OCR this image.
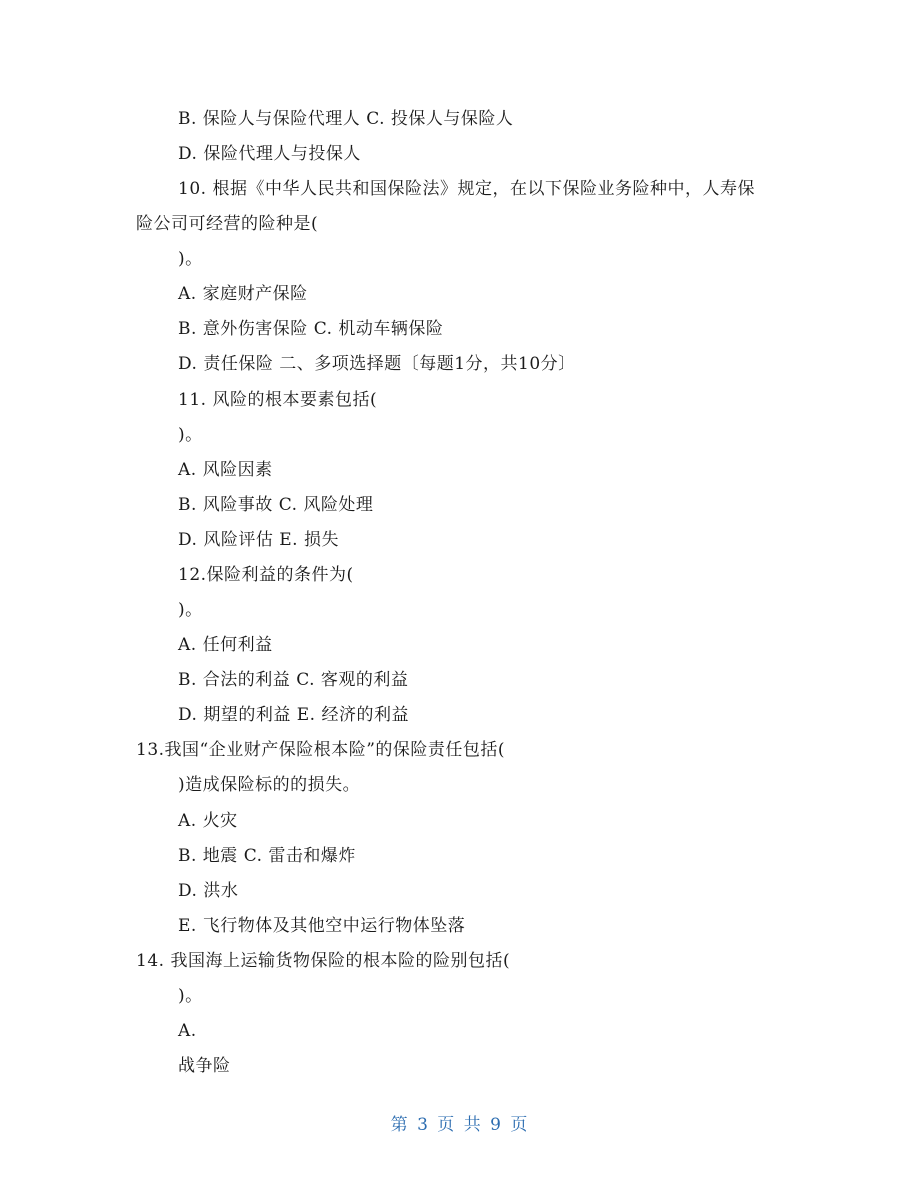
B. 保险人与保险代理人 C. 投保人与保险人
D. 保险代理人与投保人
10. 根据《中华人民共和国保险法》规定，在以下保险业务险种中，人寿保
险公司可经营的险种是(
)。
A. 家庭财产保险
B. 意外伤害保险 C. 机动车辆保险
D. 责任保险 二、多项选择题〔每题1分，共10分〕
11. 风险的根本要素包括(
)。
A. 风险因素
B. 风险事故 C. 风险处理
D. 风险评估 E. 损失
12.保险利益的条件为(
)。
A. 任何利益
B. 合法的利益 C. 客观的利益
D. 期望的利益 E. 经济的利益
13.我国“企业财产保险根本险”的保险责任包括(
)造成保险标的的损失。
A. 火灾
B. 地震 C. 雷击和爆炸
D. 洪水
E. 飞行物体及其他空中运行物体坠落
14. 我国海上运输货物保险的根本险的险别包括(
)。
A.
战争险
第 3 页 共 9 页
